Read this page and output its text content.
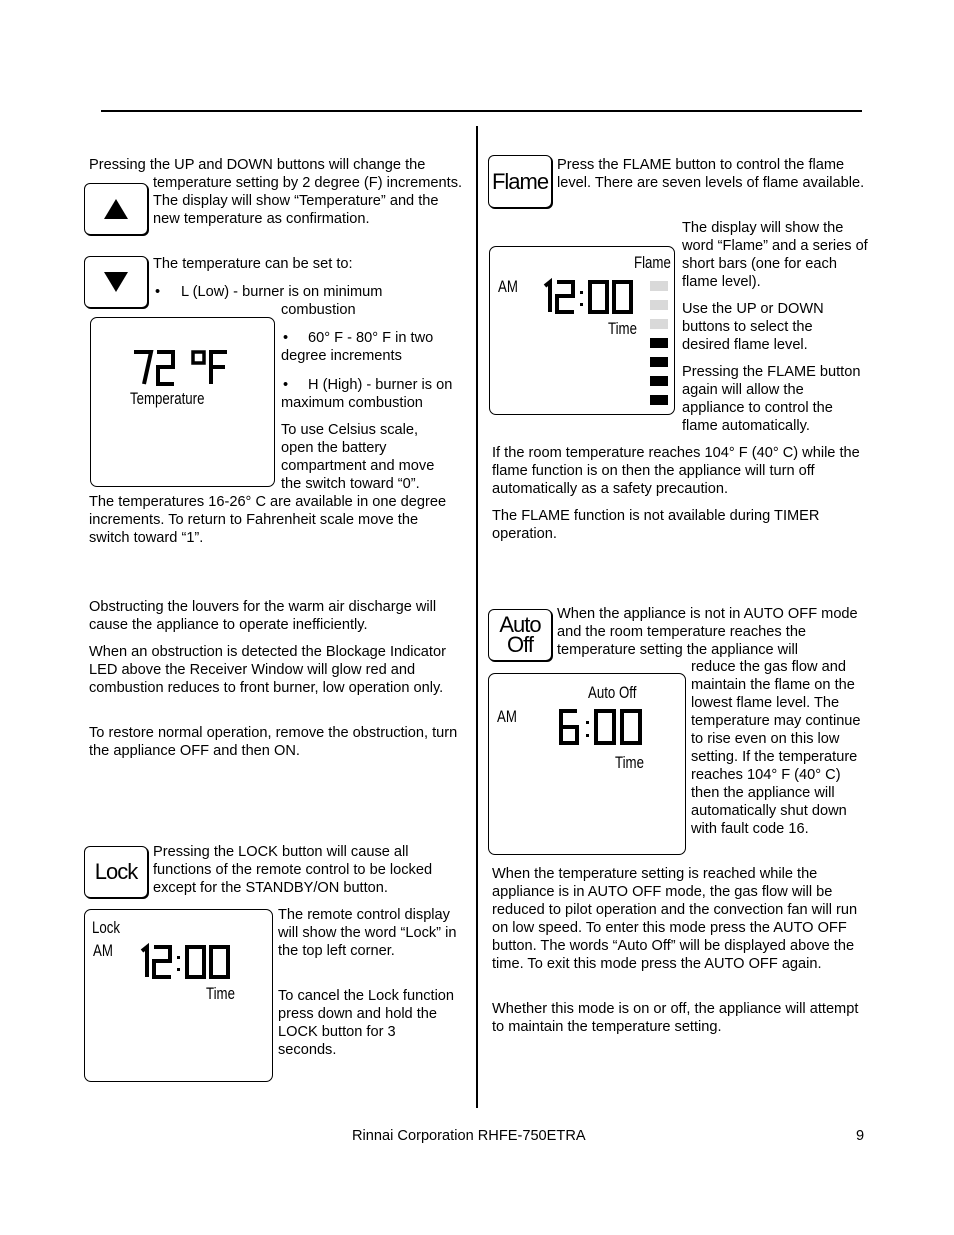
Pressing the UP and DOWN buttons will change the

temperature setting by 2 degree (F) increments. The display will show “Temperature” and the new temperature as confirmation.

The temperature can be set to:

• L (Low) - burner is on minimum

combustion

Temperature
•	60° F - 80° F in two degree increments

•	H (High) - burner is on maximum combustion

To use Celsius scale, open the battery compartment and move the switch toward “0”.

The temperatures 16-26° C are available in one degree increments. To return to Fahrenheit scale move the switch toward “1”.

Obstructing the louvers for the warm air discharge will cause the appliance to operate inefficiently.

When an obstruction is detected the Blockage Indicator LED above the Receiver Window will glow red and combustion reduces to front burner, low operation only.

To restore normal operation, remove the obstruction, turn the appliance OFF and then ON.

Lock

Pressing the LOCK button will cause all functions of the remote control to be locked except for the STANDBY/ON button.

Lock
AM
Time

The remote control display will show the word “Lock” in the top left corner.

To cancel the Lock function press down and hold the LOCK button for 3 seconds.

Flame

Press the FLAME button to control the flame level. There are seven levels of flame available.

Flame
AM
Time

The display will show the word “Flame” and a series of short bars (one for each flame level).

Use the UP or DOWN buttons to select the desired flame level.

Pressing the FLAME button again will allow the appliance to control the flame automatically.

If the room temperature reaches 104° F (40° C) while the flame function is on then the appliance will turn off automatically as a safety precaution.

The FLAME function is not available during TIMER operation.

Auto
Off

When the appliance is not in AUTO OFF mode and the room temperature reaches the temperature setting the appliance will

Auto Off
AM
Time

reduce the gas flow and maintain the flame on the lowest flame level. The temperature may continue to rise even on this low setting. If the temperature reaches 104° F (40° C) then the appliance will automatically shut down with fault code 16.

When the temperature setting is reached while the appliance is in AUTO OFF mode, the gas flow will be reduced to pilot operation and the convection fan will run on low speed. To enter this mode press the AUTO OFF button. The words “Auto Off” will be displayed above the time. To exit this mode press the AUTO OFF again.

Whether this mode is on or off, the appliance will attempt to maintain the temperature setting.

Rinnai Corporation RHFE-750ETRA	9
